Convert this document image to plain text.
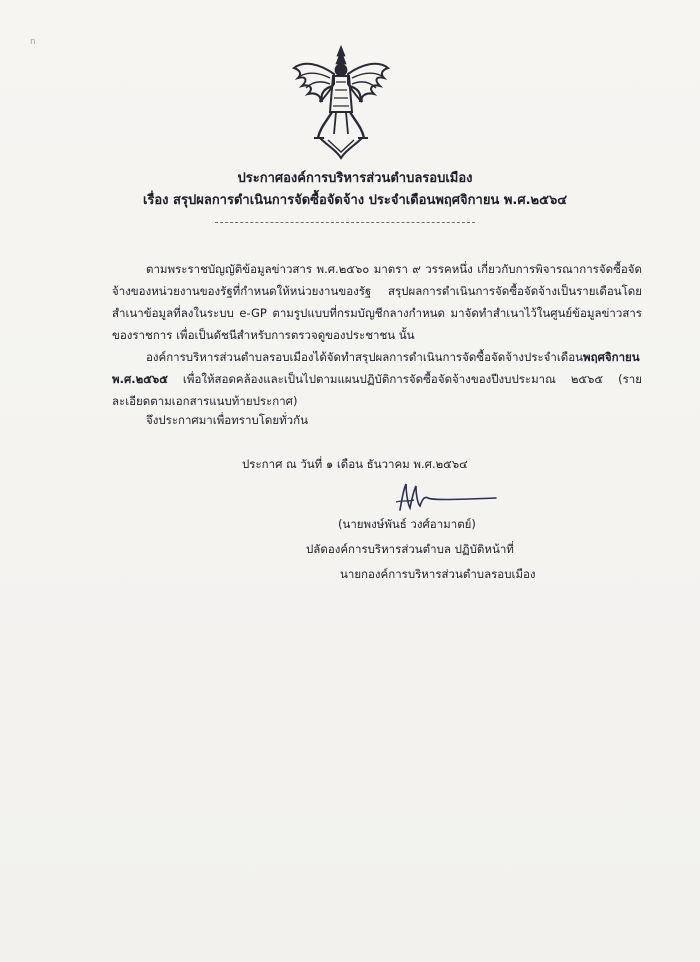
ก
ประกาศองค์การบริหารส่วนตำบลรอบเมือง
เรื่อง สรุปผลการดำเนินการจัดซื้อจัดจ้าง ประจำเดือนพฤศจิกายน พ.ศ.๒๕๖๔

ตามพระราชบัญญัติข้อมูลข่าวสาร พ.ศ.๒๕๖๐ มาตรา ๙ วรรคหนึ่ง เกี่ยวกับการพิจารณาการจัดซื้อจัดจ้างของหน่วยงานของรัฐที่กำหนดให้หน่วยงานของรัฐ สรุปผลการดำเนินการจัดซื้อจัดจ้างเป็นรายเดือนโดยสำเนาข้อมูลที่ลงในระบบ e-GP ตามรูปแบบที่กรมบัญชีกลางกำหนด มาจัดทำสำเนาไว้ในศูนย์ข้อมูลข่าวสารของราชการ เพื่อเป็นดัชนีสำหรับการตรวจดูของประชาชน นั้น

องค์การบริหารส่วนตำบลรอบเมืองได้จัดทำสรุปผลการดำเนินการจัดซื้อจัดจ้างประจำเดือนพฤศจิกายน พ.ศ.๒๕๖๕ เพื่อให้สอดคล้องและเป็นไปตามแผนปฏิบัติการจัดซื้อจัดจ้างของปีงบประมาณ ๒๕๖๕ (รายละเอียดตามเอกสารแนบท้ายประกาศ)

จึงประกาศมาเพื่อทราบโดยทั่วกัน
ประกาศ ณ วันที่ ๑ เดือน ธันวาคม พ.ศ.๒๕๖๔
(นายพงษ์พันธ์ วงศ์อามาตย์)
ปลัดองค์การบริหารส่วนตำบล ปฏิบัติหน้าที่
นายกองค์การบริหารส่วนตำบลรอบเมือง
